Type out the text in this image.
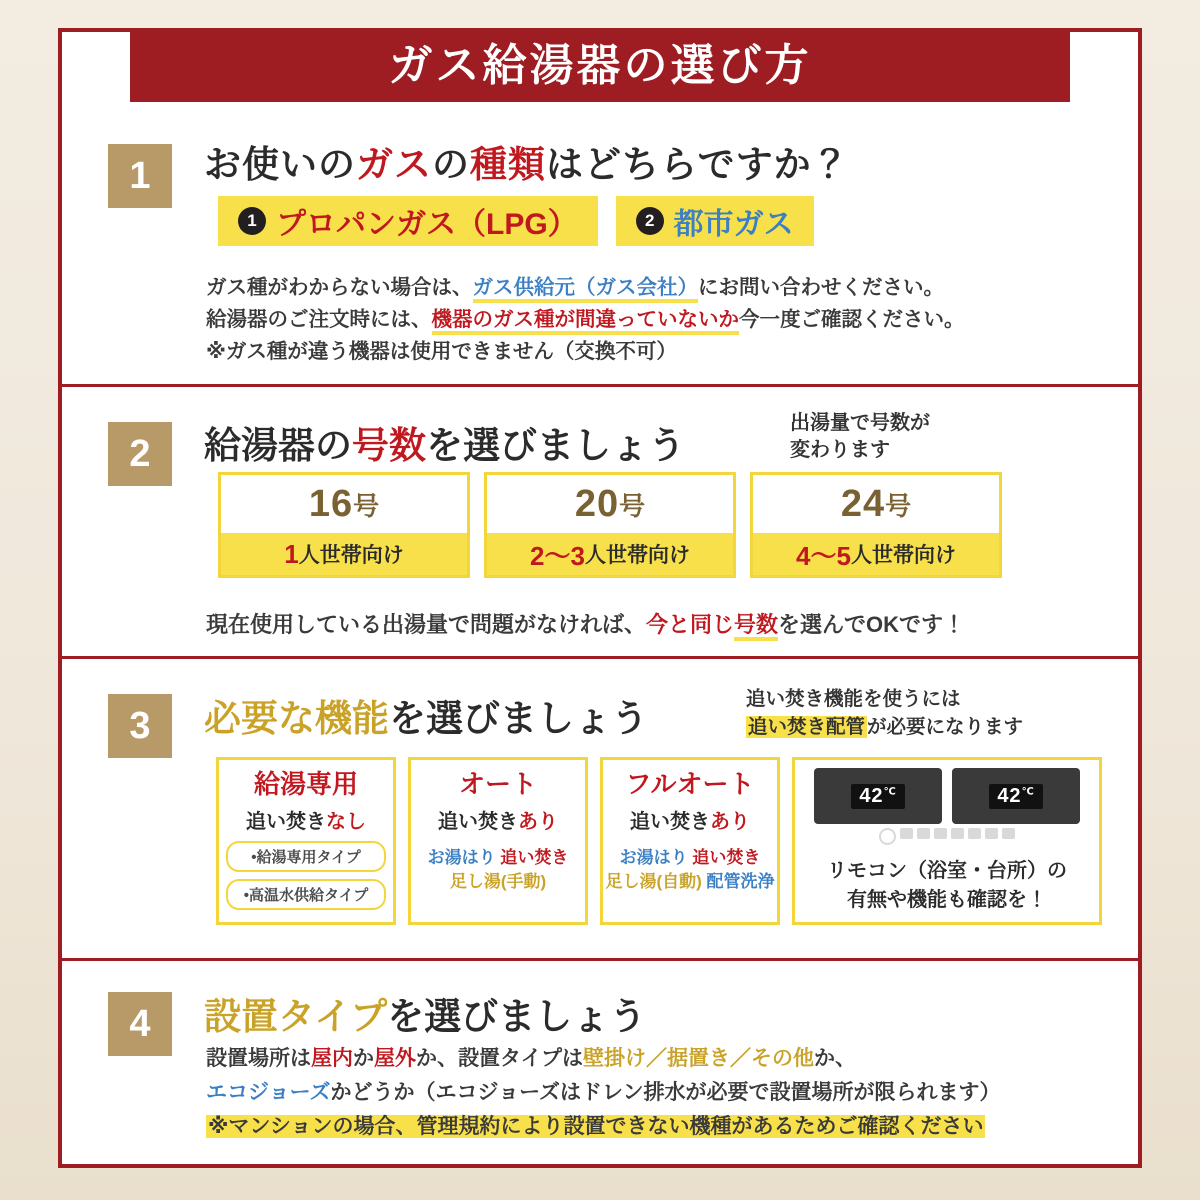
ガス給湯器の選び方
1 お使いのガスの種類はどちらですか？
1 プロパンガス（LPG）	2 都市ガス
ガス種がわからない場合は、ガス供給元（ガス会社）にお問い合わせください。
給湯器のご注文時には、機器のガス種が間違っていないか今一度ご確認ください。
※ガス種が違う機器は使用できません（交換不可）
2 給湯器の号数を選びましょう
出湯量で号数が
変わります
16 号
1 人世帯向け
20 号
2〜3 人世帯向け
24 号
4〜5 人世帯向け
現在使用している出湯量で問題がなければ、今と同じ号数を選んでOKです！
3 必要な機能を選びましょう	追い焚き機能を使うには
追い焚き配管 が必要になります
給湯専用
追い焚きなし
•給湯専用タイプ
•高温水供給タイプ
オート
追い焚きあり
お湯はり 追い焚き
足し湯(手動)
フルオート
追い焚きあり
お湯はり 追い焚き
足し湯(自動) 配管洗浄
42℃	42℃
リモコン（浴室・台所）の
有無や機能も確認を！
4 設置タイプを選びましょう
設置場所は屋内か屋外か、設置タイプは壁掛け／据置き／その他か、
エコジョーズかどうか（エコジョーズはドレン排水が必要で設置場所が限られます）
※マンションの場合、管理規約により設置できない機種があるためご確認ください
